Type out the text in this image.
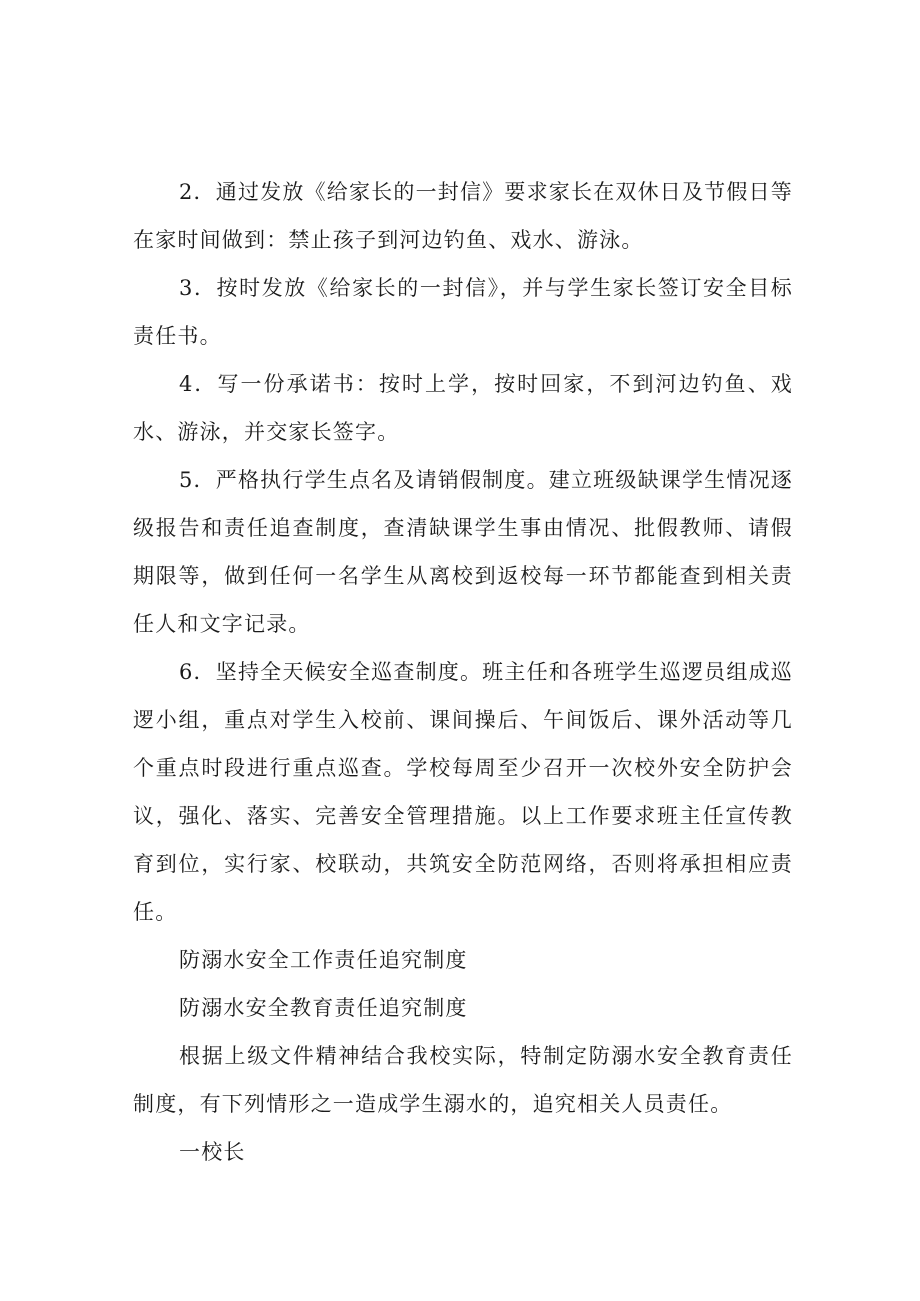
2．通过发放《给家长的一封信》要求家长在双休日及节假日等在家时间做到：禁止孩子到河边钓鱼、戏水、游泳。

3．按时发放《给家长的一封信》，并与学生家长签订安全目标责任书。

4．写一份承诺书：按时上学，按时回家，不到河边钓鱼、戏水、游泳，并交家长签字。

5．严格执行学生点名及请销假制度。建立班级缺课学生情况逐级报告和责任追查制度，查清缺课学生事由情况、批假教师、请假期限等，做到任何一名学生从离校到返校每一环节都能查到相关责任人和文字记录。

6．坚持全天候安全巡查制度。班主任和各班学生巡逻员组成巡逻小组，重点对学生入校前、课间操后、午间饭后、课外活动等几个重点时段进行重点巡查。学校每周至少召开一次校外安全防护会议，强化、落实、完善安全管理措施。以上工作要求班主任宣传教育到位，实行家、校联动，共筑安全防范网络，否则将承担相应责任。

防溺水安全工作责任追究制度

防溺水安全教育责任追究制度

根据上级文件精神结合我校实际，特制定防溺水安全教育责任制度，有下列情形之一造成学生溺水的，追究相关人员责任。

一校长
